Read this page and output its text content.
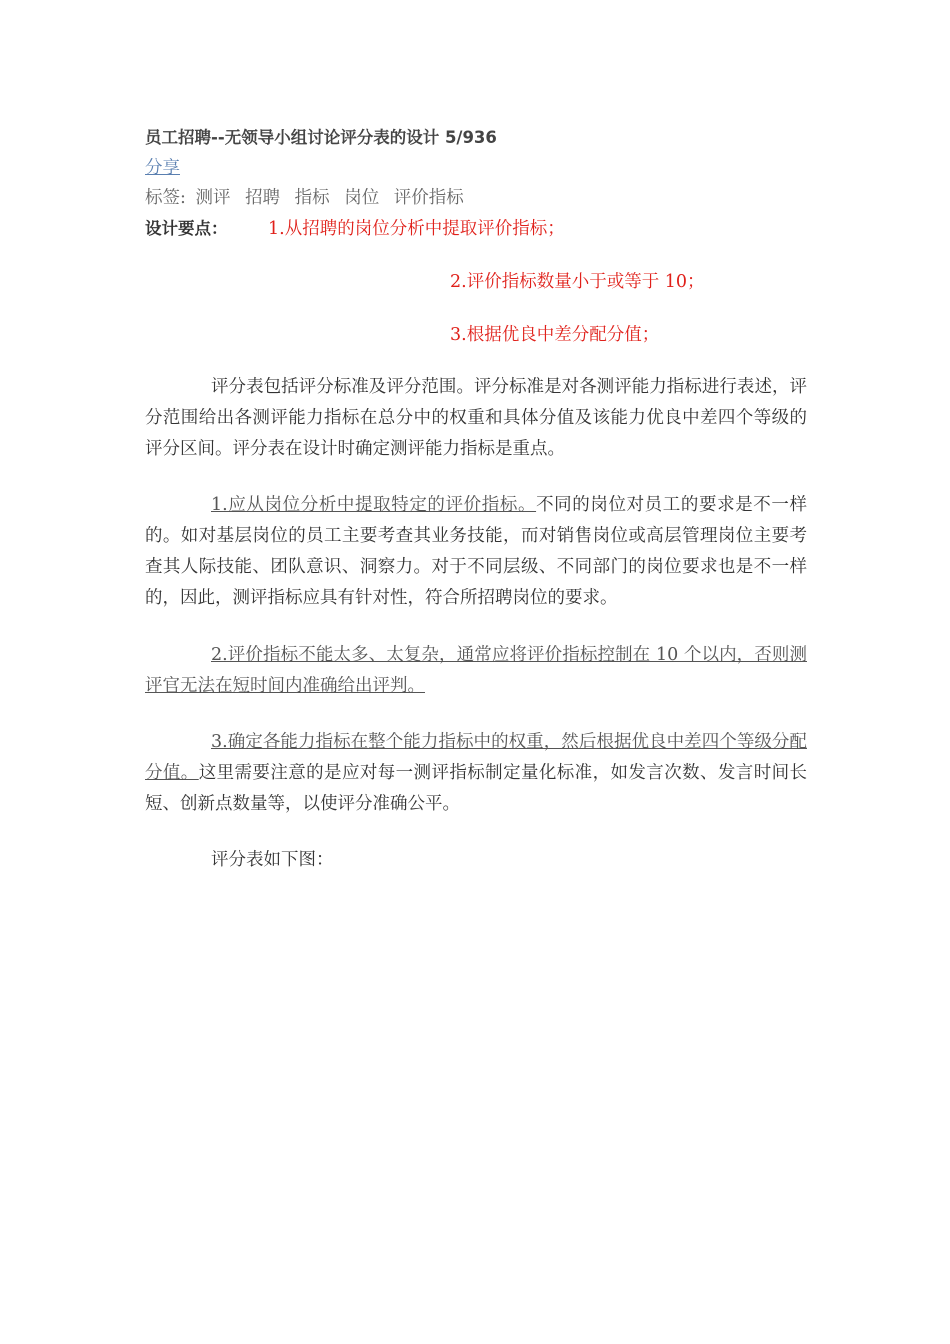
员工招聘--无领导小组讨论评分表的设计 5/936
分享
标签: 测评 招聘 指标 岗位 评价指标
设计要点： 1.从招聘的岗位分析中提取评价指标；
2.评价指标数量小于或等于 10；
3.根据优良中差分配分值；
评分表包括评分标准及评分范围。评分标准是对各测评能力指标进行表述，评分范围给出各测评能力指标在总分中的权重和具体分值及该能力优良中差四个等级的评分区间。评分表在设计时确定测评能力指标是重点。
1.应从岗位分析中提取特定的评价指标。不同的岗位对员工的要求是不一样的。如对基层岗位的员工主要考查其业务技能，而对销售岗位或高层管理岗位主要考查其人际技能、团队意识、洞察力。对于不同层级、不同部门的岗位要求也是不一样的，因此，测评指标应具有针对性，符合所招聘岗位的要求。
2.评价指标不能太多、太复杂，通常应将评价指标控制在 10 个以内，否则测评官无法在短时间内准确给出评判。
3.确定各能力指标在整个能力指标中的权重，然后根据优良中差四个等级分配分值。这里需要注意的是应对每一测评指标制定量化标准，如发言次数、发言时间长短、创新点数量等，以使评分准确公平。
评分表如下图：
